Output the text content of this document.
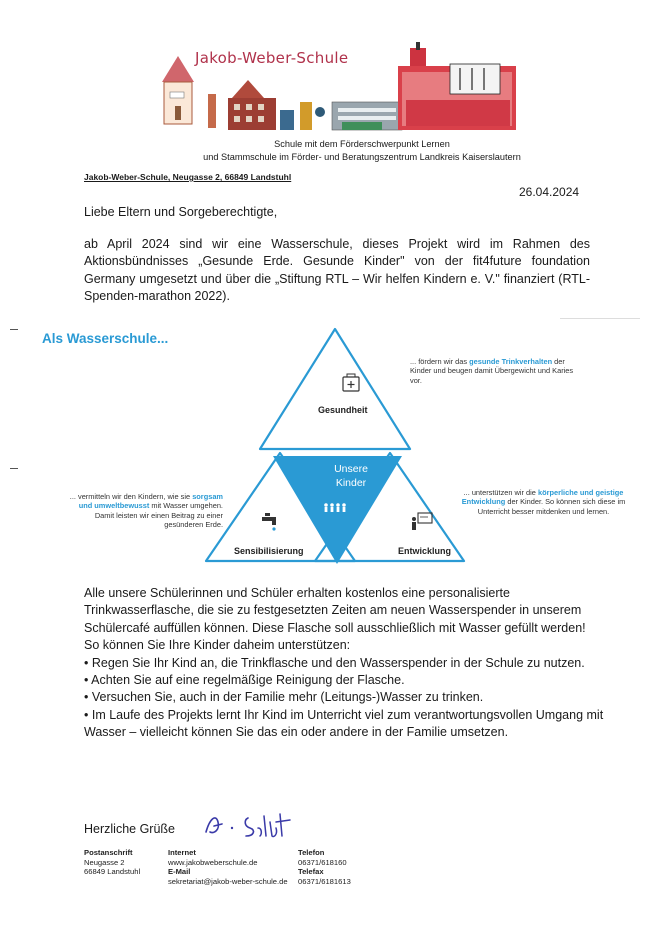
Jakob-Weber-Schule
Schule mit dem Förderschwerpunkt Lernen
und Stammschule im Förder- und Beratungszentrum Landkreis Kaiserslautern
Jakob-Weber-Schule, Neugasse 2, 66849 Landstuhl
26.04.2024
Liebe Eltern und Sorgeberechtigte,
ab April 2024 sind wir eine Wasserschule, dieses Projekt wird im Rahmen des Aktionsbündnisses „Gesunde Erde. Gesunde Kinder" von der fit4future foundation Germany umgesetzt und über die „Stiftung RTL – Wir helfen Kindern e. V." finanziert (RTL-Spenden-marathon 2022).
Als Wasserschule...
Unsere
Kinder
Gesundheit
Sensibilisierung	Entwicklung
... fördern wir das gesunde Trinkverhalten der Kinder und beugen damit Übergewicht und Karies vor.
... vermitteln wir den Kindern, wie sie sorgsam und umweltbewusst mit Wasser umgehen. Damit leisten wir einen Beitrag zu einer gesünderen Erde.
... unterstützen wir die körperliche und geistige Entwicklung der Kinder. So können sich diese im Unterricht besser mitdenken und lernen.

Alle unsere Schülerinnen und Schüler erhalten kostenlos eine personalisierte Trinkwasserflasche, die sie zu festgesetzten Zeiten am neuen Wasserspender in unserem Schülercafé auffüllen können. Diese Flasche soll ausschließlich mit Wasser gefüllt werden!

So können Sie Ihre Kinder daheim unterstützen:

• Regen Sie Ihr Kind an, die Trinkflasche und den Wasserspender in der Schule zu nutzen.

• Achten Sie auf eine regelmäßige Reinigung der Flasche.

• Versuchen Sie, auch in der Familie mehr (Leitungs-)Wasser zu trinken.

• Im Laufe des Projekts lernt Ihr Kind im Unterricht viel zum verantwortungsvollen Umgang mit Wasser – vielleicht können Sie das ein oder andere in der Familie umsetzen.

Herzliche Grüße
Postanschrift
Neugasse 2
66849 Landstuhl
Internet
www.jakobweberschule.de
E-Mail
sekretariat@jakob-weber-schule.de
Telefon
06371/618160
Telefax
06371/6181613
